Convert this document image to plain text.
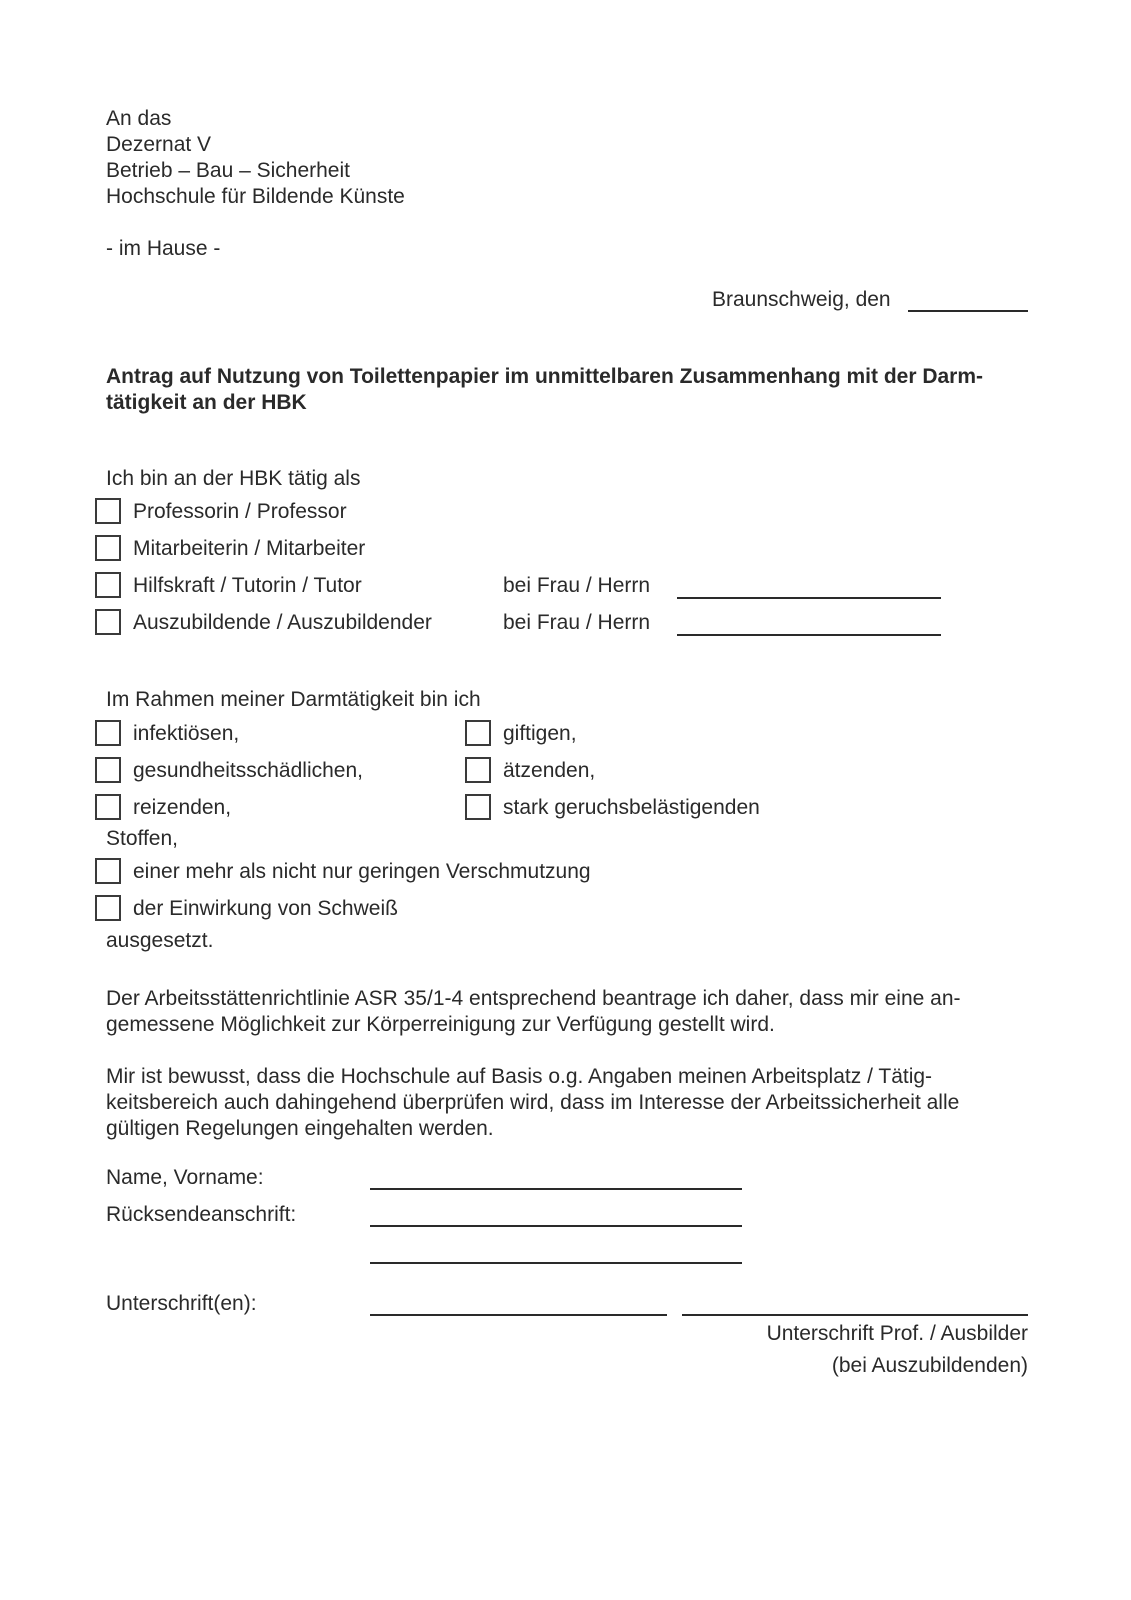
An das
Dezernat V
Betrieb – Bau – Sicherheit
Hochschule für Bildende Künste
- im Hause -
Braunschweig, den
Antrag auf Nutzung von Toilettenpapier im unmittelbaren Zusammenhang mit der Darm-
tätigkeit an der HBK
Ich bin an der HBK tätig als
Professorin / Professor
Mitarbeiterin / Mitarbeiter
Hilfskraft / Tutorin / Tutor	bei Frau / Herrn
Auszubildende / Auszubildender	bei Frau / Herrn
Im Rahmen meiner Darmtätigkeit bin ich
infektiösen,	giftigen,
gesundheitsschädlichen,	ätzenden,
reizenden,	stark geruchsbelästigenden
Stoffen,
einer mehr als nicht nur geringen Verschmutzung
der Einwirkung von Schweiß
ausgesetzt.
Der Arbeitsstättenrichtlinie ASR 35/1-4 entsprechend beantrage ich daher, dass mir eine an-
gemessene Möglichkeit zur Körperreinigung zur Verfügung gestellt wird.
Mir ist bewusst, dass die Hochschule auf Basis o.g. Angaben meinen Arbeitsplatz / Tätig-
keitsbereich auch dahingehend überprüfen wird, dass im Interesse der Arbeitssicherheit alle
gültigen Regelungen eingehalten werden.
Name, Vorname:
Rücksendeanschrift:
Unterschrift(en):
Unterschrift Prof. / Ausbilder
(bei Auszubildenden)
